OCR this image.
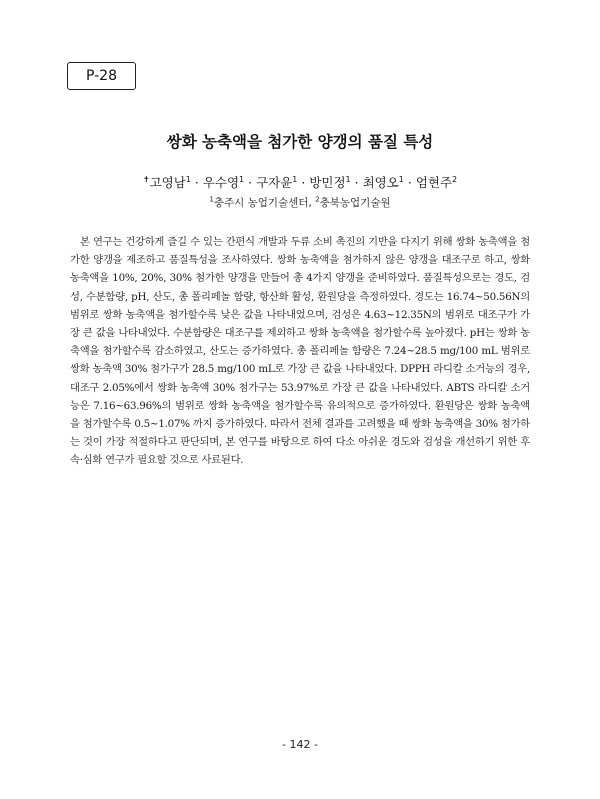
P-28
쌍화 농축액을 첨가한 양갱의 품질 특성
✝고영남$^1$ · 우수영$^1$ · 구자윤$^1$ · 방민정$^1$ · 최영오$^1$ · 엄현주$^2$
$^1$충주시 농업기술센터, $^2$충북농업기술원

본 연구는 건강하게 즐길 수 있는 간편식 개발과 두류 소비 촉진의 기반을 다지기 위해 쌍화 농축액을 첨가한 양갱을 제조하고 품질특성을 조사하였다. 쌍화 농축액을 첨가하지 않은 양갱을 대조구로 하고, 쌍화 농축액을 10%, 20%, 30% 첨가한 양갱을 만들어 총 4가지 양갱을 준비하였다. 품질특성으로는 경도, 검성, 수분함량, pH, 산도, 총 폴리페놀 함량, 항산화 활성, 환원당을 측정하였다. 경도는 16.74~50.56N의 범위로 쌍화 농축액을 첨가할수록 낮은 값을 나타내었으며, 검성은 4.63~12.35N의 범위로 대조구가 가장 큰 값을 나타내었다. 수분함량은 대조구를 제외하고 쌍화 농축액을 첨가할수록 높아졌다. pH는 쌍화 농축액을 첨가할수록 감소하였고, 산도는 증가하였다. 총 폴리페놀 함량은 7.24~28.5 mg/100 mL 범위로 쌍화 농축액 30% 첨가구가 28.5 mg/100 mL로 가장 큰 값을 나타내었다. DPPH 라디칼 소거능의 경우, 대조구 2.05%에서 쌍화 농축액 30% 첨가구는 53.97%로 가장 큰 값을 나타내었다. ABTS 라디칼 소거능은 7.16~63.96%의 범위로 쌍화 농축액을 첨가할수록 유의적으로 증가하였다. 환원당은 쌍화 농축액을 첨가할수록 0.5~1.07% 까지 증가하였다. 따라서 전체 결과를 고려했을 때 쌍화 농축액을 30% 첨가하는 것이 가장 적절하다고 판단되며, 본 연구를 바탕으로 하여 다소 아쉬운 경도와 검성을 개선하기 위한 후속·심화 연구가 필요할 것으로 사료된다.

- 142 -
